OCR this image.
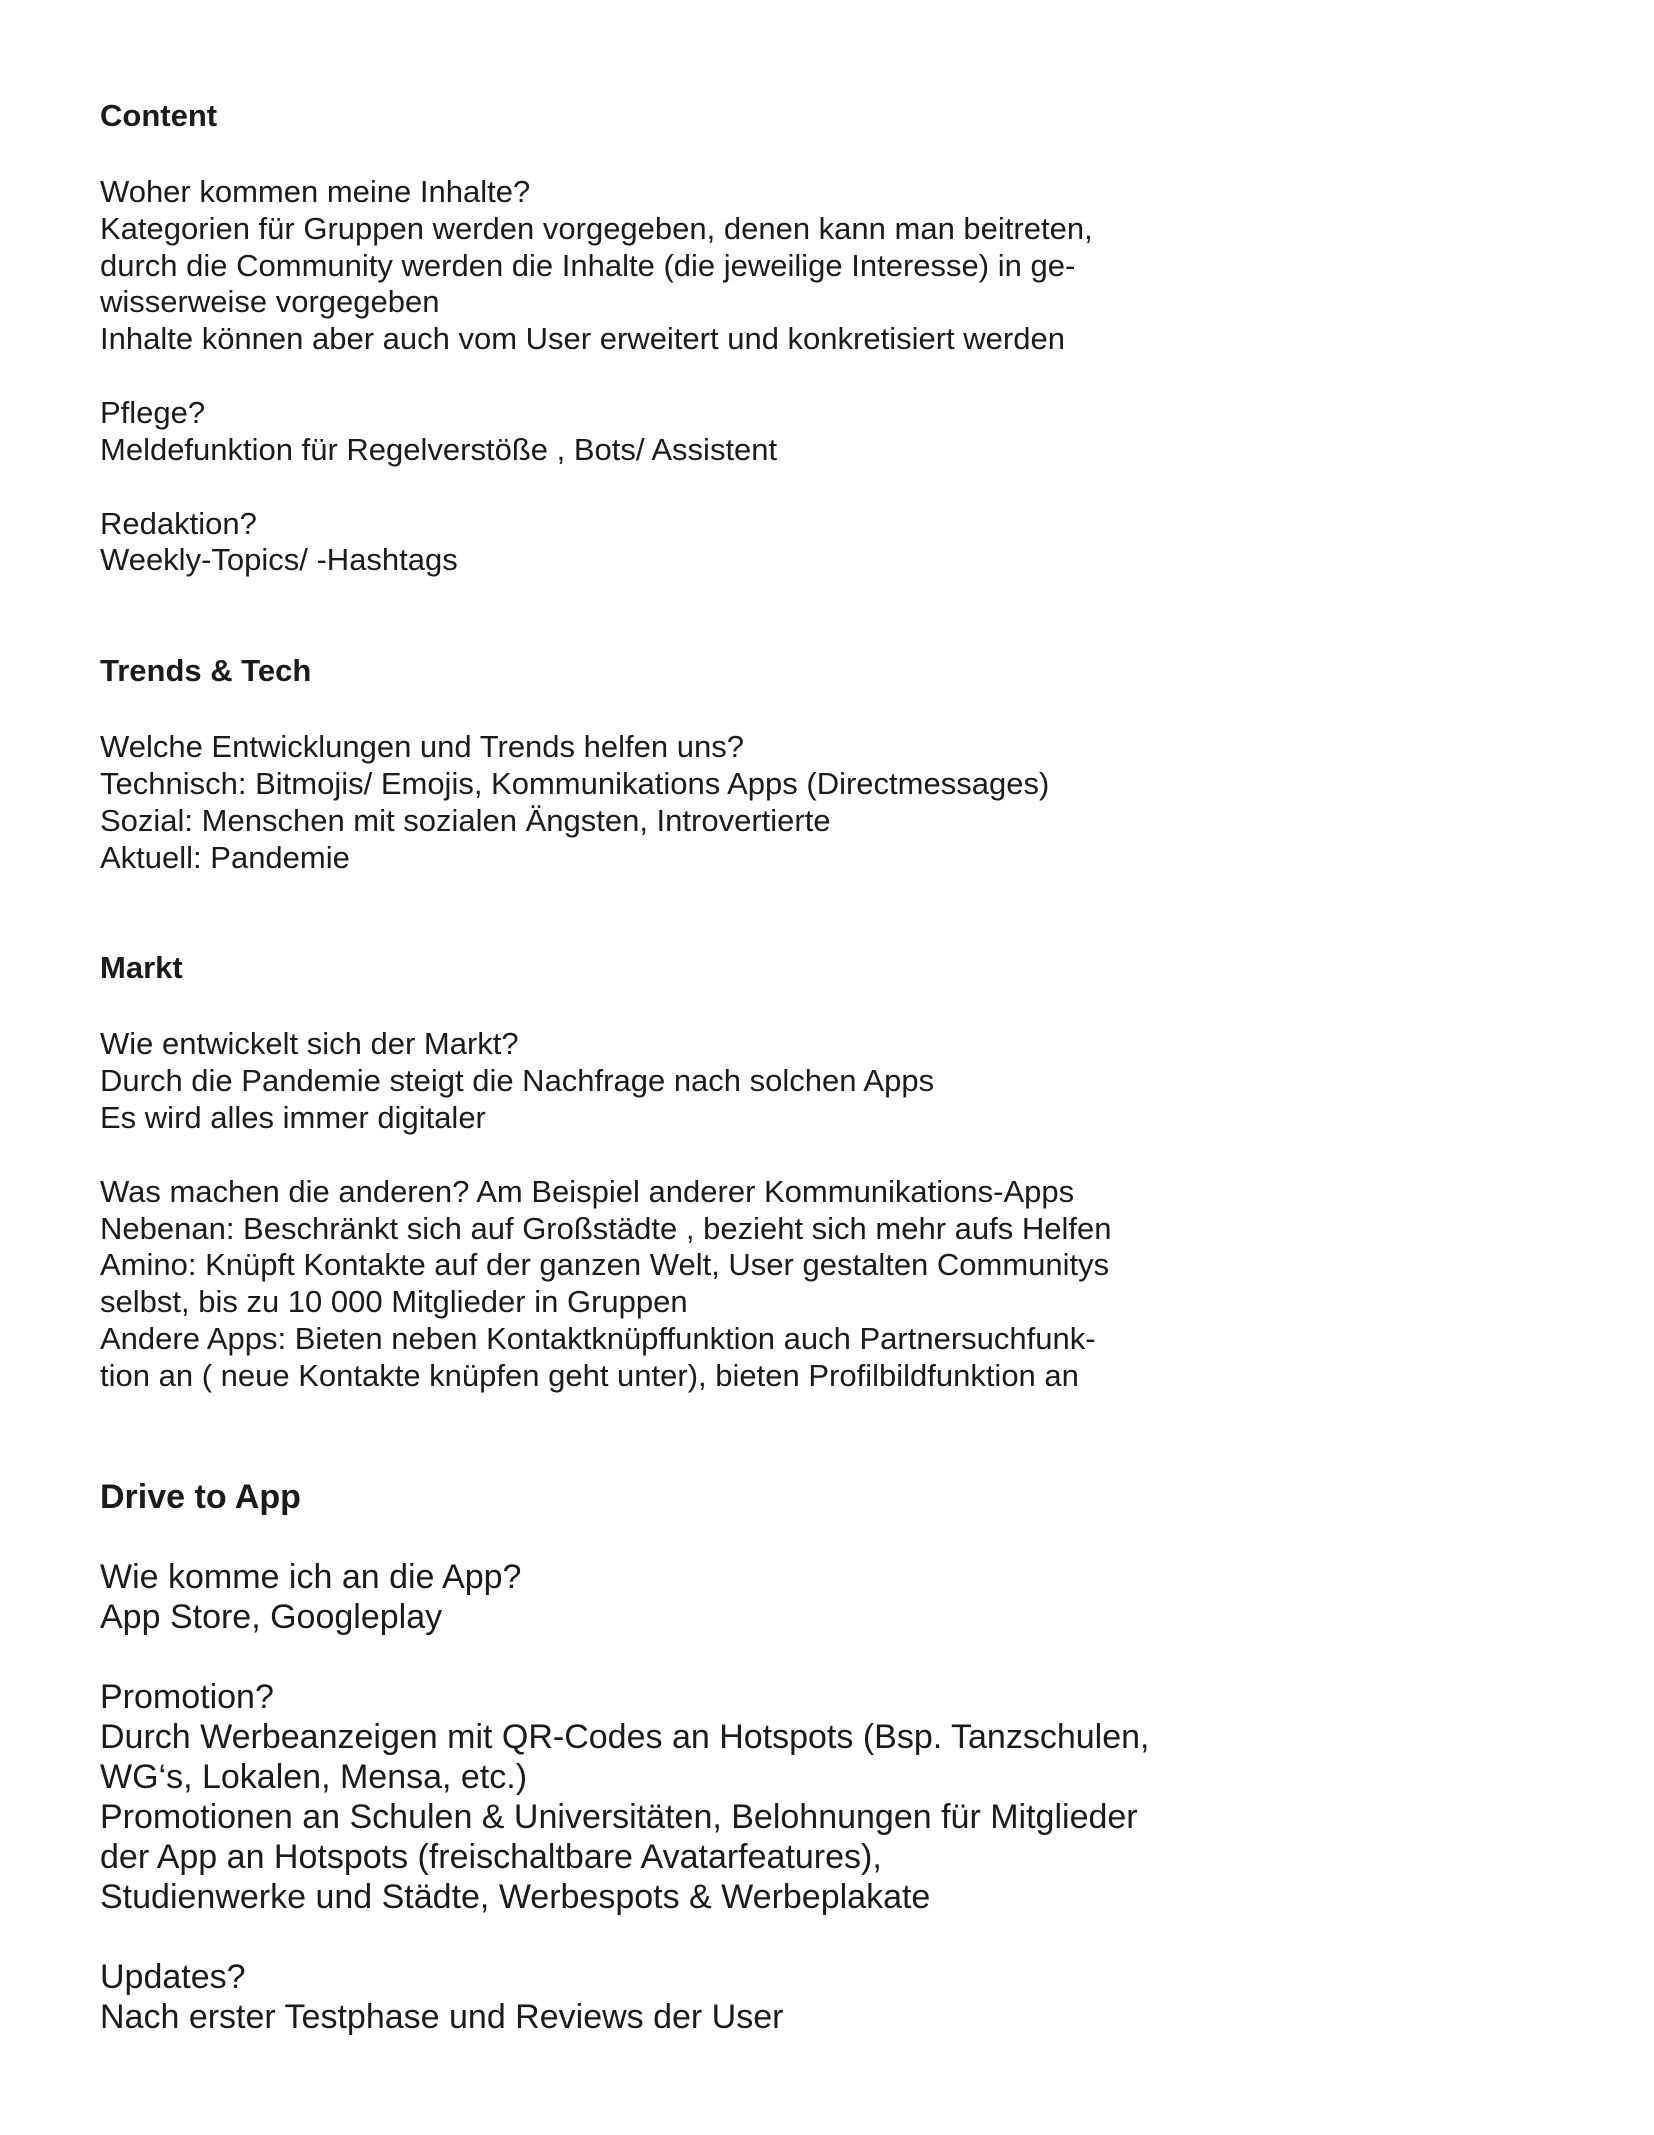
Content

Woher kommen meine Inhalte?

Kategorien für Gruppen werden vorgegeben, denen kann man beitreten,

durch die Community werden die Inhalte (die jeweilige Interesse) in ge-

wisserweise vorgegeben

Inhalte können aber auch vom User erweitert und konkretisiert werden

Pflege?

Meldefunktion für Regelverstöße , Bots/ Assistent

Redaktion?

Weekly-Topics/ -Hashtags

Trends & Tech

Welche Entwicklungen und Trends helfen uns?

Technisch: Bitmojis/ Emojis, Kommunikations Apps (Directmessages)

Sozial: Menschen mit sozialen Ängsten, Introvertierte

Aktuell: Pandemie

Markt

Wie entwickelt sich der Markt?

Durch die Pandemie steigt die Nachfrage nach solchen Apps

Es wird alles immer digitaler

Was machen die anderen? Am Beispiel anderer Kommunikations-Apps

Nebenan: Beschränkt sich auf Großstädte , bezieht sich mehr aufs Helfen

Amino: Knüpft Kontakte auf der ganzen Welt, User gestalten Communitys

selbst, bis zu 10 000 Mitglieder in Gruppen

Andere Apps: Bieten neben Kontaktknüpffunktion auch Partnersuchfunk-

tion an ( neue Kontakte knüpfen geht unter), bieten Profilbildfunktion an

Drive to App

Wie komme ich an die App?

App Store, Googleplay

Promotion?

Durch Werbeanzeigen mit QR-Codes an Hotspots (Bsp. Tanzschulen,

WG‘s, Lokalen, Mensa, etc.)

Promotionen an Schulen & Universitäten, Belohnungen für Mitglieder

der App an Hotspots (freischaltbare Avatarfeatures),

Studienwerke und Städte, Werbespots & Werbeplakate

Updates?

Nach erster Testphase und Reviews der User
